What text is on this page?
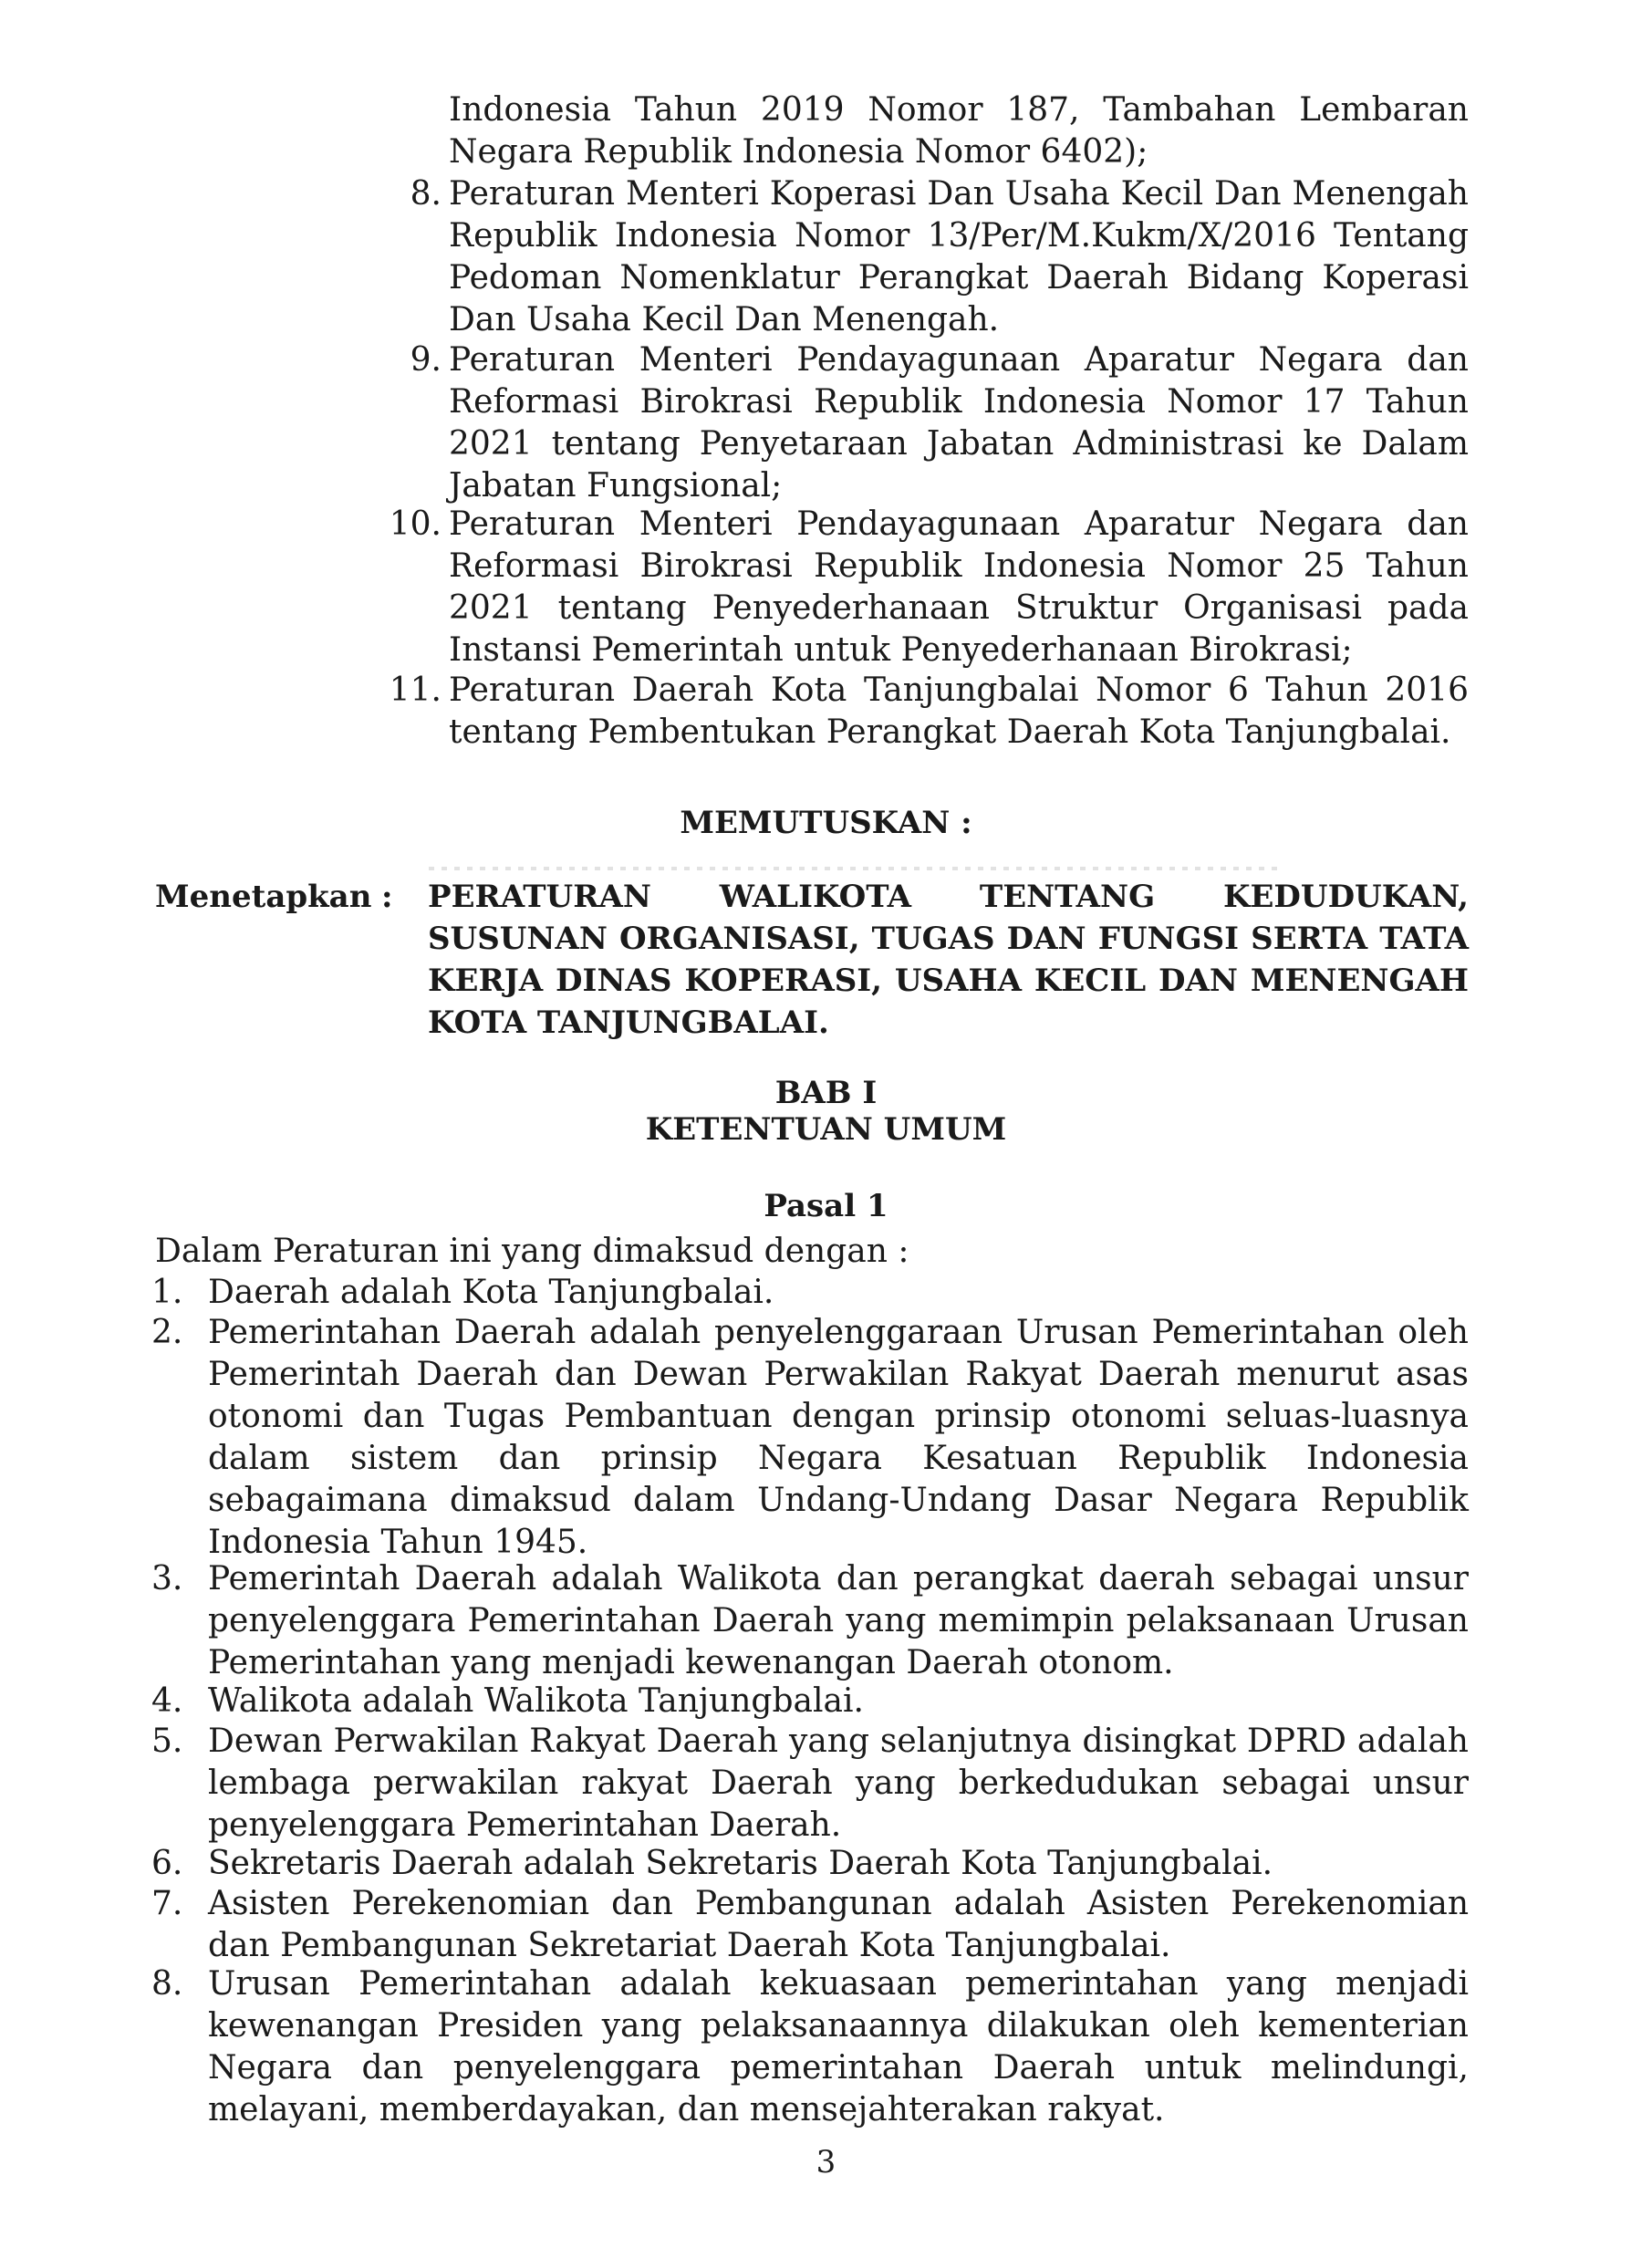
Indonesia Tahun 2019 Nomor 187, Tambahan Lembaran Negara Republik Indonesia Nomor 6402);
8. Peraturan Menteri Koperasi Dan Usaha Kecil Dan Menengah Republik Indonesia Nomor 13/Per/M.Kukm/X/2016 Tentang Pedoman Nomenklatur Perangkat Daerah Bidang Koperasi Dan Usaha Kecil Dan Menengah.
9. Peraturan Menteri Pendayagunaan Aparatur Negara dan Reformasi Birokrasi Republik Indonesia Nomor 17 Tahun 2021 tentang Penyetaraan Jabatan Administrasi ke Dalam Jabatan Fungsional;
10. Peraturan Menteri Pendayagunaan Aparatur Negara dan Reformasi Birokrasi Republik Indonesia Nomor 25 Tahun 2021 tentang Penyederhanaan Struktur Organisasi pada Instansi Pemerintah untuk Penyederhanaan Birokrasi;
11. Peraturan Daerah Kota Tanjungbalai Nomor 6 Tahun 2016 tentang Pembentukan Perangkat Daerah Kota Tanjungbalai.
MEMUTUSKAN :
Menetapkan : PERATURAN WALIKOTA TENTANG KEDUDUKAN, SUSUNAN ORGANISASI, TUGAS DAN FUNGSI SERTA TATA KERJA DINAS KOPERASI, USAHA KECIL DAN MENENGAH KOTA TANJUNGBALAI.
BAB I
KETENTUAN UMUM
Pasal 1
Dalam Peraturan ini yang dimaksud dengan :
1. Daerah adalah Kota Tanjungbalai.
2. Pemerintahan Daerah adalah penyelenggaraan Urusan Pemerintahan oleh Pemerintah Daerah dan Dewan Perwakilan Rakyat Daerah menurut asas otonomi dan Tugas Pembantuan dengan prinsip otonomi seluas-luasnya dalam sistem dan prinsip Negara Kesatuan Republik Indonesia sebagaimana dimaksud dalam Undang-Undang Dasar Negara Republik Indonesia Tahun 1945.
3. Pemerintah Daerah adalah Walikota dan perangkat daerah sebagai unsur penyelenggara Pemerintahan Daerah yang memimpin pelaksanaan Urusan Pemerintahan yang menjadi kewenangan Daerah otonom.
4. Walikota adalah Walikota Tanjungbalai.
5. Dewan Perwakilan Rakyat Daerah yang selanjutnya disingkat DPRD adalah lembaga perwakilan rakyat Daerah yang berkedudukan sebagai unsur penyelenggara Pemerintahan Daerah.
6. Sekretaris Daerah adalah Sekretaris Daerah Kota Tanjungbalai.
7. Asisten Perekenomian dan Pembangunan adalah Asisten Perekenomian dan Pembangunan Sekretariat Daerah Kota Tanjungbalai.
8. Urusan Pemerintahan adalah kekuasaan pemerintahan yang menjadi kewenangan Presiden yang pelaksanaannya dilakukan oleh kementerian Negara dan penyelenggara pemerintahan Daerah untuk melindungi, melayani, memberdayakan, dan mensejahterakan rakyat.
3
